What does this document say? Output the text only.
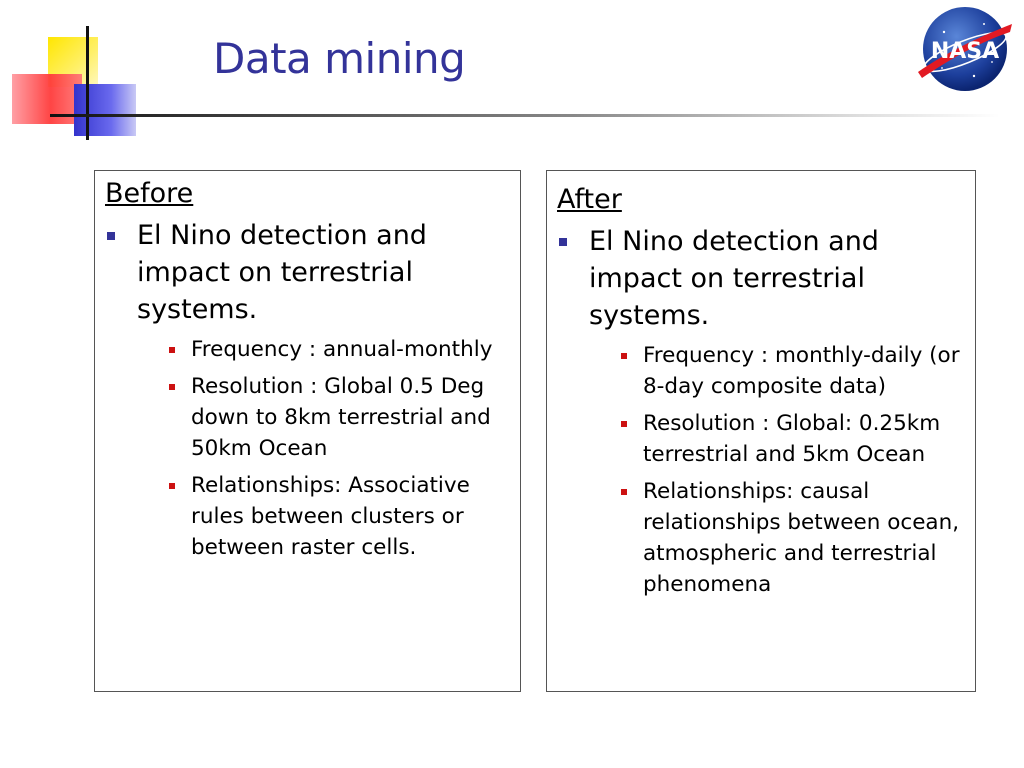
Data mining	NASA
Before
El Nino detection and impact on terrestrial systems.
Frequency : annual-monthly
Resolution : Global 0.5 Deg down to 8km terrestrial and 50km Ocean
Relationships: Associative rules between clusters or between raster cells.
After
El Nino detection and impact on terrestrial systems.
Frequency : monthly-daily (or 8-day composite data)
Resolution : Global: 0.25km terrestrial and 5km Ocean
Relationships: causal relationships between ocean, atmospheric and terrestrial phenomena
